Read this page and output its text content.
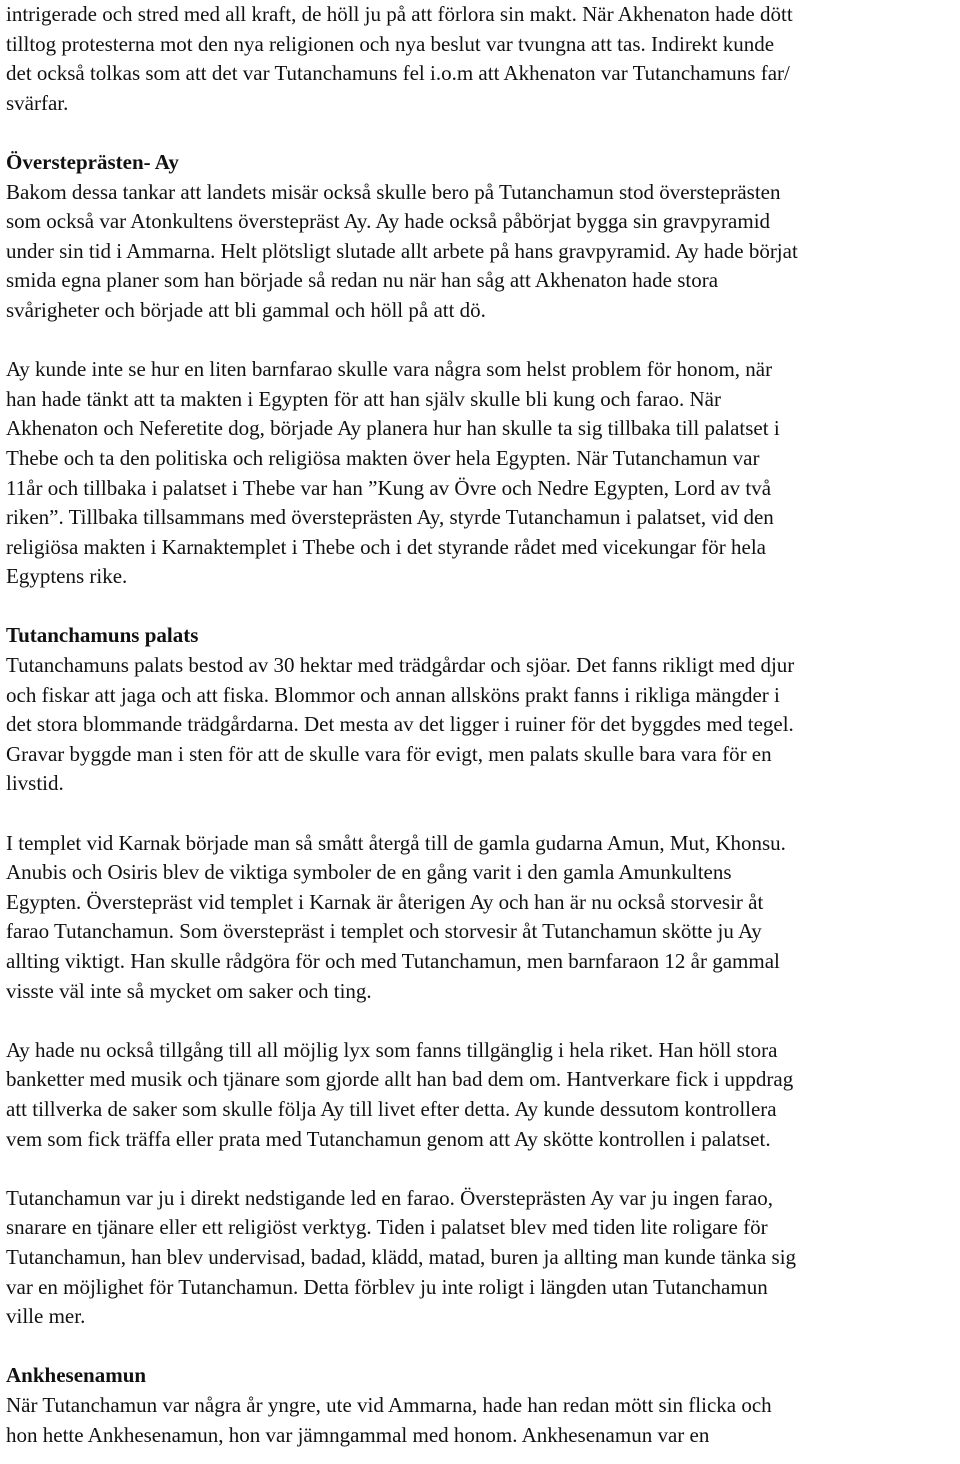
intrigerade och stred med all kraft, de höll ju på att förlora sin makt. När Akhenaton hade dött
tilltog protesterna mot den nya religionen och nya beslut var tvungna att tas. Indirekt kunde
det också tolkas som att det var Tutanchamuns fel i.o.m att Akhenaton var Tutanchamuns far/
svärfar.

Översteprästen- Ay

Bakom dessa tankar att landets misär också skulle bero på Tutanchamun stod översteprästen
som också var Atonkultens överstepräst Ay. Ay hade också påbörjat bygga sin gravpyramid
under sin tid i Ammarna. Helt plötsligt slutade allt arbete på hans gravpyramid. Ay hade börjat
smida egna planer som han började så redan nu när han såg att Akhenaton hade stora
svårigheter och började att bli gammal och höll på att dö.

Ay kunde inte se hur en liten barnfarao skulle vara några som helst problem för honom, när
han hade tänkt att ta makten i Egypten för att han själv skulle bli kung och farao. När
Akhenaton och Neferetite dog, började Ay planera hur han skulle ta sig tillbaka till palatset i
Thebe och ta den politiska och religiösa makten över hela Egypten. När Tutanchamun var
11år och tillbaka i palatset i Thebe var han ”Kung av Övre och Nedre Egypten, Lord av två
riken”. Tillbaka tillsammans med översteprästen Ay, styrde Tutanchamun i palatset, vid den
religiösa makten i Karnaktemplet i Thebe och i det styrande rådet med vicekungar för hela
Egyptens rike.

Tutanchamuns palats

Tutanchamuns palats bestod av 30 hektar med trädgårdar och sjöar. Det fanns rikligt med djur
och fiskar att jaga och att fiska. Blommor och annan allsköns prakt fanns i rikliga mängder i
det stora blommande trädgårdarna. Det mesta av det ligger i ruiner för det byggdes med tegel.
Gravar byggde man i sten för att de skulle vara för evigt, men palats skulle bara vara för en
livstid.

I templet vid Karnak började man så smått återgå till de gamla gudarna Amun, Mut, Khonsu.
Anubis och Osiris blev de viktiga symboler de en gång varit i den gamla Amunkultens
Egypten. Överstepräst vid templet i Karnak är återigen Ay och han är nu också storvesir åt
farao Tutanchamun. Som överstepräst i templet och storvesir åt Tutanchamun skötte ju Ay
allting viktigt. Han skulle rådgöra för och med Tutanchamun, men barnfaraon 12 år gammal
visste väl inte så mycket om saker och ting.

Ay hade nu också tillgång till all möjlig lyx som fanns tillgänglig i hela riket. Han höll stora
banketter med musik och tjänare som gjorde allt han bad dem om. Hantverkare fick i uppdrag
att tillverka de saker som skulle följa Ay till livet efter detta. Ay kunde dessutom kontrollera
vem som fick träffa eller prata med Tutanchamun genom att Ay skötte kontrollen i palatset.

Tutanchamun var ju i direkt nedstigande led en farao. Översteprästen Ay var ju ingen farao,
snarare en tjänare eller ett religiöst verktyg. Tiden i palatset blev med tiden lite roligare för
Tutanchamun, han blev undervisad, badad, klädd, matad, buren ja allting man kunde tänka sig
var en möjlighet för Tutanchamun. Detta förblev ju inte roligt i längden utan Tutanchamun
ville mer.

Ankhesenamun

När Tutanchamun var några år yngre, ute vid Ammarna, hade han redan mött sin flicka och
hon hette Ankhesenamun, hon var jämngammal med honom. Ankhesenamun var en
